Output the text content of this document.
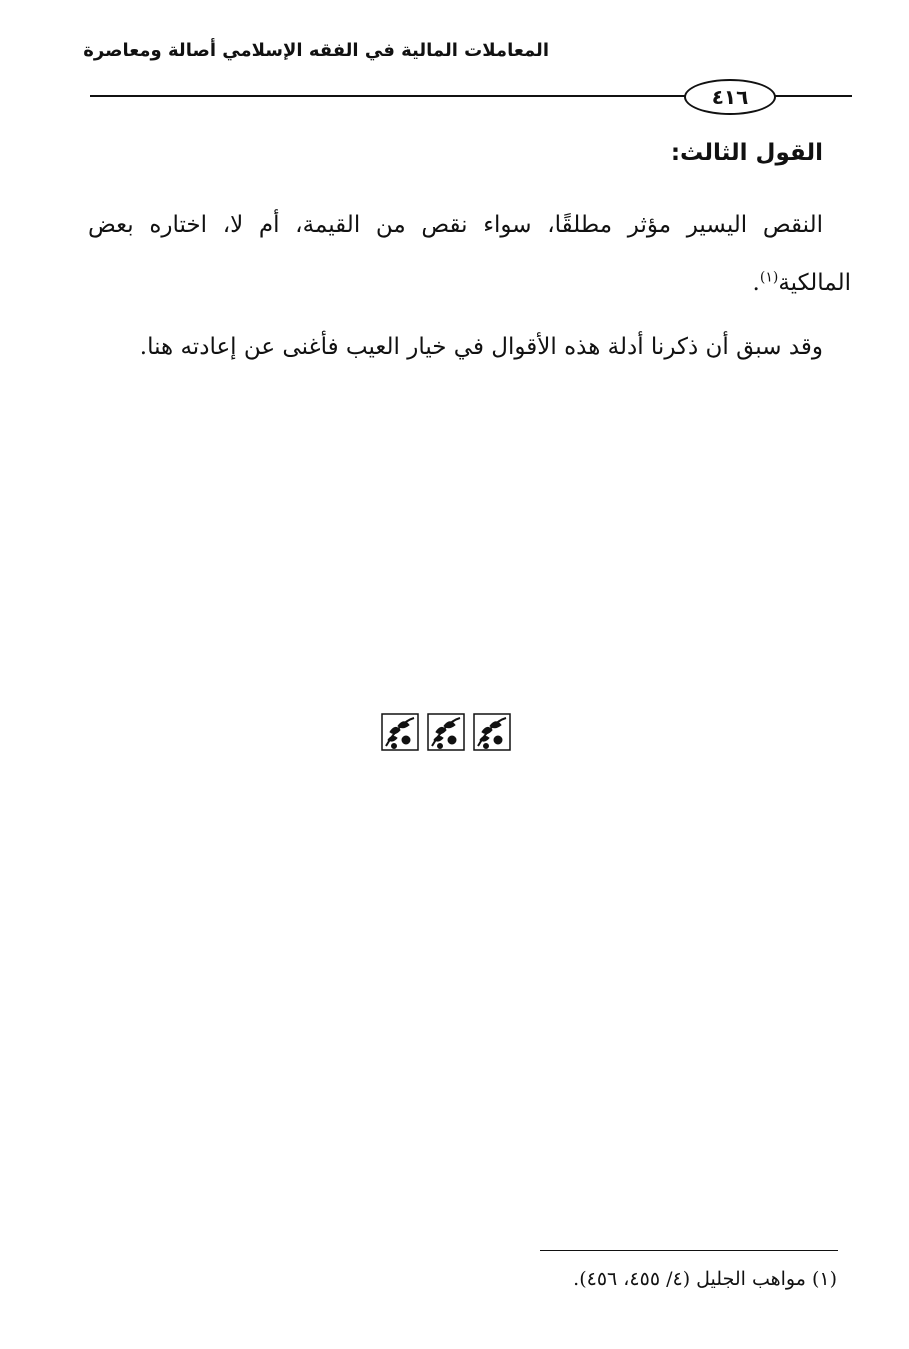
المعاملات المالية في الفقه الإسلامي أصالة ومعاصرة
٤١٦
القول الثالث:
النقص اليسير مؤثر مطلقًا، سواء نقص من القيمة، أم لا، اختاره بعض
المالكية$^{(١)}$.
وقد سبق أن ذكرنا أدلة هذه الأقوال في خيار العيب فأغنى عن إعادته هنا.
(١) مواهب الجليل (٤/ ٤٥٥، ٤٥٦).
